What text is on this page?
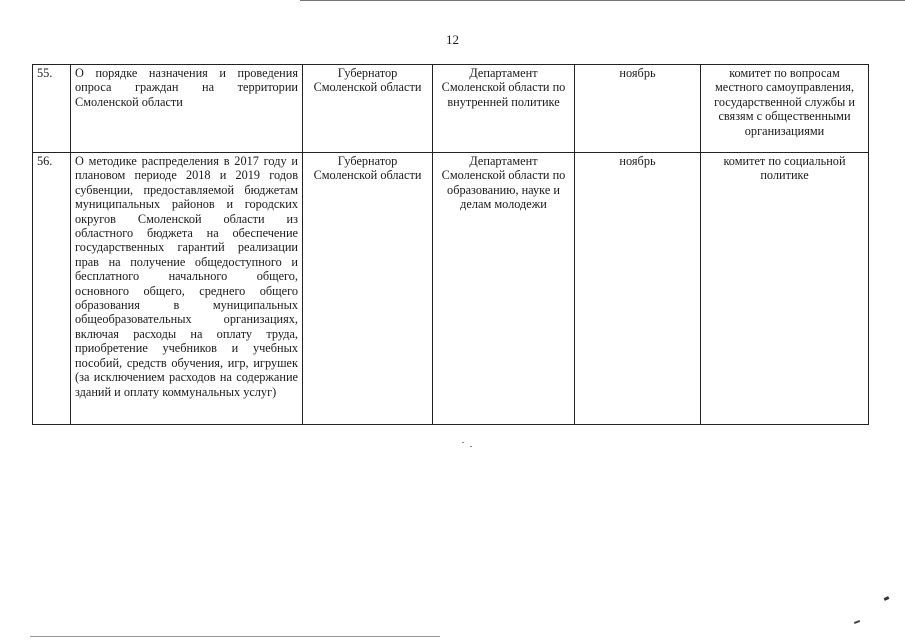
12
55.	О порядке назначения и проведения опроса граждан на территории Смоленской области	Губернатор Смоленской области	Департамент Смоленской области по внутренней политике	ноябрь	комитет по вопросам местного самоуправления, государственной службы и связям с общественными организациями
56.	О методике распределения в 2017 году и плановом периоде 2018 и 2019 годов субвенции, предоставляемой бюджетам муниципальных районов и городских округов Смоленской области из областного бюджета на обеспечение государственных гарантий реализации прав на получение общедоступного и бесплатного начального общего, основного общего, среднего общего образования в муниципальных общеобразовательных организациях, включая расходы на оплату труда, приобретение учебников и учебных пособий, средств обучения, игр, игрушек (за исключением расходов на содержание зданий и оплату коммунальных услуг)	Губернатор Смоленской области	Департамент Смоленской области по образованию, науке и делам молодежи	ноябрь	комитет по социальной политике
